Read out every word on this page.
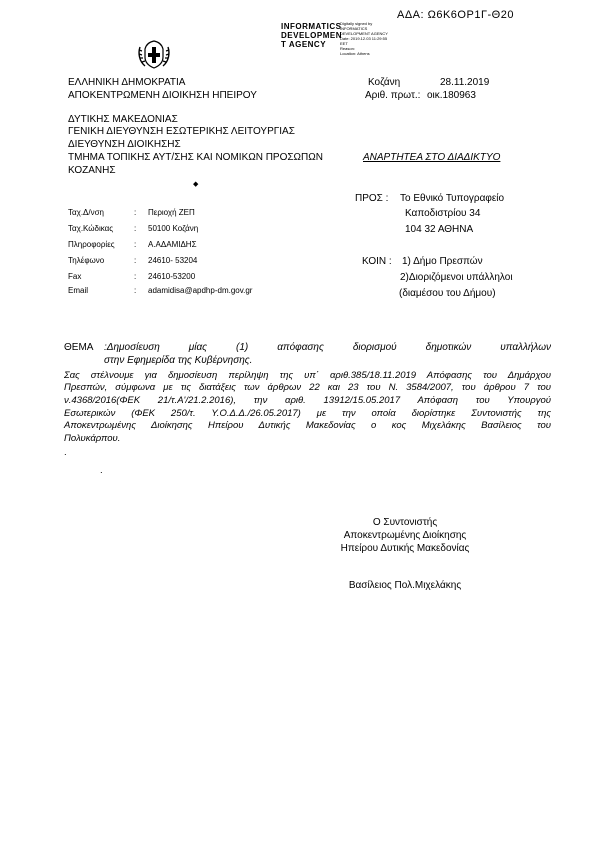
ΑΔΑ: Ω6Κ6ΟΡ1Γ-Θ20
INFORMATICS
DEVELOPMEN
T AGENCY
Digitally signed by
INFORMATICS
DEVELOPMENT AGENCY
Date: 2019.12.03 11:29:55
EET
Reason:
Location: Athens
ΕΛΛΗΝΙΚΗ ΔΗΜΟΚΡΑΤΙΑ
ΑΠΟΚΕΝΤΡΩΜΕΝΗ ΔΙΟΙΚΗΣΗ ΗΠΕΙΡΟΥ
Κοζάνη	28.11.2019
Αριθ. πρωτ.: οικ.180963
ΔΥΤΙΚΗΣ ΜΑΚΕΔΟΝΙΑΣ
ΓΕΝΙΚΗ ΔΙΕΥΘΥΝΣΗ ΕΣΩΤΕΡΙΚΗΣ ΛΕΙΤΟΥΡΓΙΑΣ
ΔΙΕΥΘΥΝΣΗ ΔΙΟΙΚΗΣΗΣ
ΤΜΗΜΑ ΤΟΠΙΚΗΣ ΑΥΤ/ΣΗΣ ΚΑΙ ΝΟΜΙΚΩΝ ΠΡΟΣΩΠΩΝ
ΚΟΖΑΝΗΣ
ΑΝΑΡΤΗΤΕΑ ΣΤΟ ΔΙΑΔΙΚΤΥΟ
◆
ΠΡΟΣ : Το Εθνικό Τυπογραφείο
Καποδιστρίου 34
104 32 ΑΘΗΝΑ
ΚΟΙΝ : 1) Δήμο Πρεσπών
2)Διοριζόμενοι υπάλληλοι
(διαμέσου του Δήμου)
Ταχ.Δ/νση	: Περιοχή ΖΕΠ
Ταχ.Κώδικας	: 50100 Κοζάνη
Πληροφορίες : Α.ΑΔΑΜΙΔΗΣ
Τηλέφωνο	: 24610- 53204
Fax	: 24610-53200
Email	: adamidisa@apdhp-dm.gov.gr
ΘΕΜΑ :Δημοσίευση μίας (1) απόφασης διορισμού δημοτικών υπαλλήλων
στην Εφημερίδα της Κυβέρνησης.
Σας στέλνουμε για δημοσίευση περίληψη της υπ΄ αριθ.385/18.11.2019 Απόφασης του Δημάρχου
Πρεσπών, σύμφωνα με τις διατάξεις των άρθρων 22 και 23 του Ν. 3584/2007, του άρθρου 7 του
ν.4368/2016(ΦΕΚ 21/τ.Α'/21.2.2016), την αριθ. 13912/15.05.2017 Απόφαση του Υπουργού
Εσωτερικών (ΦΕΚ 250/τ. Υ.Ο.Δ.Δ./26.05.2017) με την οποία διορίστηκε Συντονιστής της
Αποκεντρωμένης Διοίκησης Ηπείρου Δυτικής Μακεδονίας ο κος Μιχελάκης Βασίλειος του
Πολυκάρπου.
.
.
Ο Συντονιστής
Αποκεντρωμένης Διοίκησης
Ηπείρου Δυτικής Μακεδονίας
Βασίλειος Πολ.Μιχελάκης
